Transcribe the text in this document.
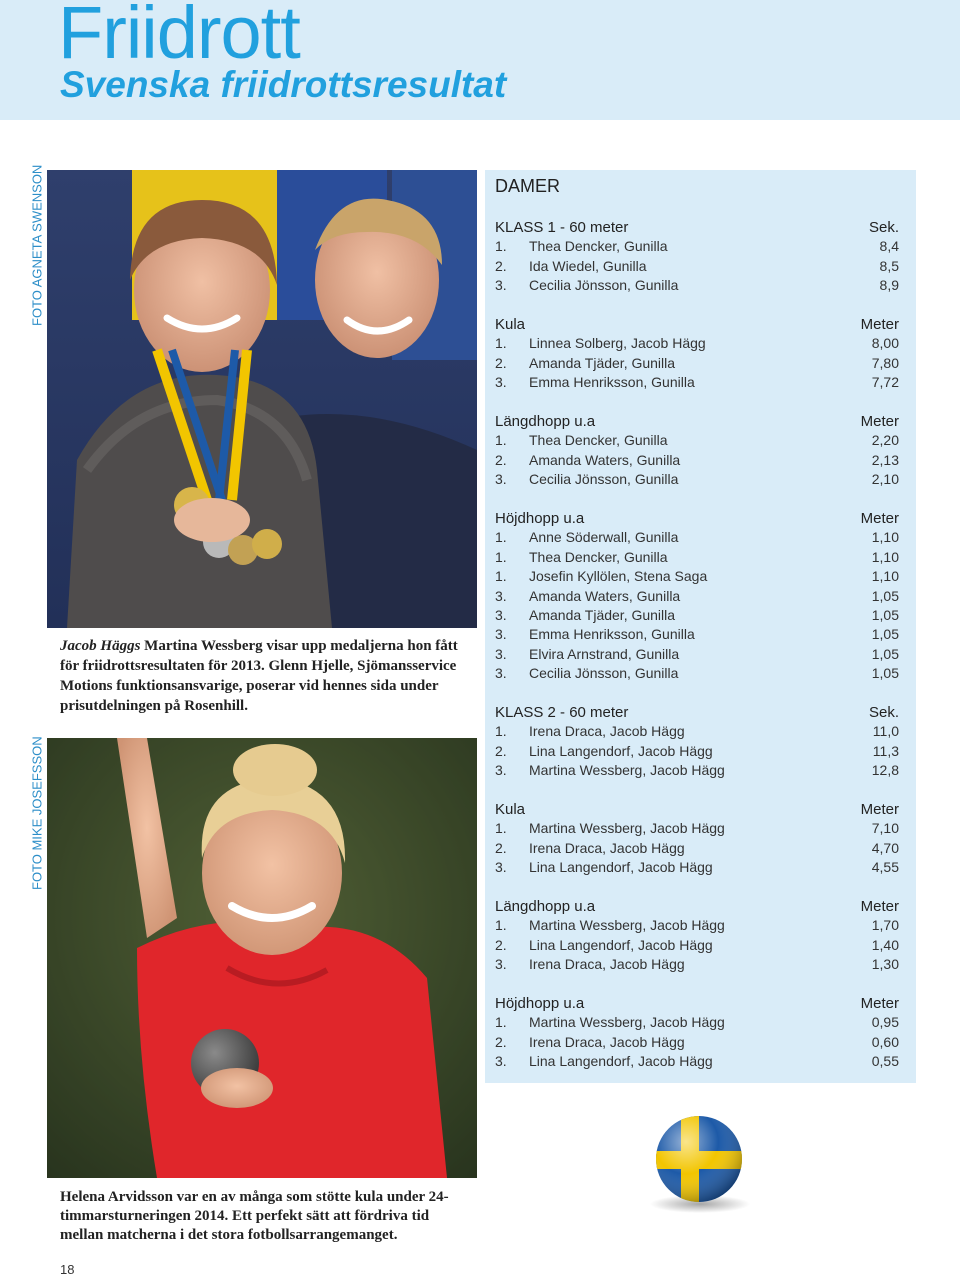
Friidrott
Svenska friidrottsresultat
FOTO AGNETA SWENSON
FOTO MIKE JOSEFSSON

Jacob Häggs Martina Wessberg visar upp medaljerna hon fått för friidrottsresultaten för 2013. Glenn Hjelle, Sjömansservice Motions funktionsansvarige, poserar vid hennes sida under prisutdelningen på Rosenhill.

Helena Arvidsson var en av många som stötte kula under 24-timmarsturneringen 2014. Ett perfekt sätt att fördriva tid mellan matcherna i det stora fotbollsarrangemanget.

18
DAMER
KLASS 1 - 60 meter	Sek.
1. Thea Dencker, Gunilla	8,4
2. Ida Wiedel, Gunilla	8,5
3. Cecilia Jönsson, Gunilla	8,9
Kula	Meter
1. Linnea Solberg, Jacob Hägg	8,00
2. Amanda Tjäder, Gunilla	7,80
3. Emma Henriksson, Gunilla	7,72
Längdhopp u.a	Meter
1. Thea Dencker, Gunilla	2,20
2. Amanda Waters, Gunilla	2,13
3. Cecilia Jönsson, Gunilla	2,10
Höjdhopp u.a	Meter
1. Anne Söderwall, Gunilla	1,10
1. Thea Dencker, Gunilla	1,10
1. Josefin Kyllölen, Stena Saga	1,10
3. Amanda Waters, Gunilla	1,05
3. Amanda Tjäder, Gunilla	1,05
3. Emma Henriksson, Gunilla	1,05
3. Elvira Arnstrand, Gunilla	1,05
3. Cecilia Jönsson, Gunilla	1,05
KLASS 2 - 60 meter	Sek.
1. Irena Draca, Jacob Hägg	11,0
2. Lina Langendorf, Jacob Hägg	11,3
3. Martina Wessberg, Jacob Hägg	12,8
Kula	Meter
1. Martina Wessberg, Jacob Hägg	7,10
2. Irena Draca, Jacob Hägg	4,70
3. Lina Langendorf, Jacob Hägg	4,55
Längdhopp u.a	Meter
1. Martina Wessberg, Jacob Hägg	1,70
2. Lina Langendorf, Jacob Hägg	1,40
3. Irena Draca, Jacob Hägg	1,30
Höjdhopp u.a	Meter
1. Martina Wessberg, Jacob Hägg	0,95
2. Irena Draca, Jacob Hägg	0,60
3. Lina Langendorf, Jacob Hägg	0,55
